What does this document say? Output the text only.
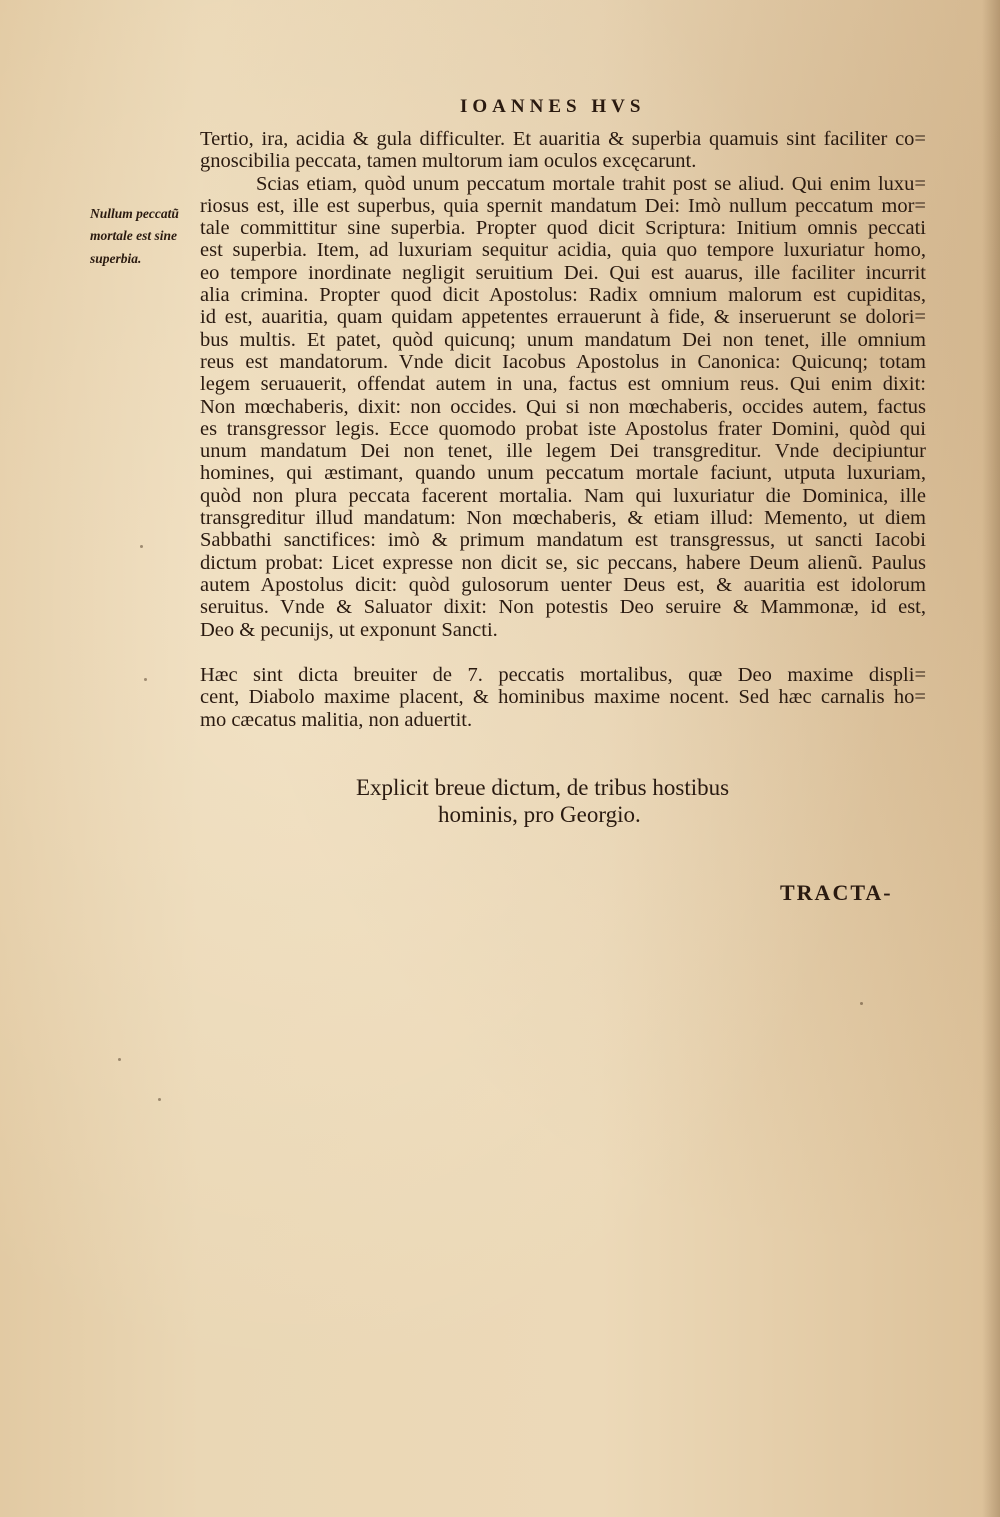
IOANNES HVS
Nullum peccatũ
mortale est sine
superbia.
Tertio, ira, acidia & gula difficulter. Et auaritia & superbia quamuis sint faciliter co=
gnoscibilia peccata, tamen multorum iam oculos excęcarunt.
Scias etiam, quòd unum peccatum mortale trahit post se aliud. Qui enim luxu=
riosus est, ille est superbus, quia spernit mandatum Dei: Imò nullum peccatum mor=
tale committitur sine superbia. Propter quod dicit Scriptura: Initium omnis peccati
est superbia. Item, ad luxuriam sequitur acidia, quia quo tempore luxuriatur homo,
eo tempore inordinate negligit seruitium Dei. Qui est auarus, ille faciliter incurrit
alia crimina. Propter quod dicit Apostolus: Radix omnium malorum est cupiditas,
id est, auaritia, quam quidam appetentes errauerunt à fide, & inseruerunt se dolori=
bus multis. Et patet, quòd quicunq; unum mandatum Dei non tenet, ille omnium
reus est mandatorum. Vnde dicit Iacobus Apostolus in Canonica: Quicunq; totam
legem seruauerit, offendat autem in una, factus est omnium reus. Qui enim dixit:
Non mœchaberis, dixit: non occides. Qui si non mœchaberis, occides autem, factus
es transgressor legis. Ecce quomodo probat iste Apostolus frater Domini, quòd qui
unum mandatum Dei non tenet, ille legem Dei transgreditur. Vnde decipiuntur
homines, qui æstimant, quando unum peccatum mortale faciunt, utputa luxuriam,
quòd non plura peccata facerent mortalia. Nam qui luxuriatur die Dominica, ille
transgreditur illud mandatum: Non mœchaberis, & etiam illud: Memento, ut diem
Sabbathi sanctifices: imò & primum mandatum est transgressus, ut sancti Iacobi
dictum probat: Licet expresse non dicit se, sic peccans, habere Deum alienũ. Paulus
autem Apostolus dicit: quòd gulosorum uenter Deus est, & auaritia est idolorum
seruitus. Vnde & Saluator dixit: Non potestis Deo seruire & Mammonæ, id est,
Deo & pecunijs, ut exponunt Sancti.
Hæc sint dicta breuiter de 7. peccatis mortalibus, quæ Deo maxime displi=
cent, Diabolo maxime placent, & hominibus maxime nocent. Sed hæc carnalis ho=
mo cæcatus malitia, non aduertit.
Explicit breue dictum, de tribus hostibus
hominis, pro Georgio.
TRACTA-
